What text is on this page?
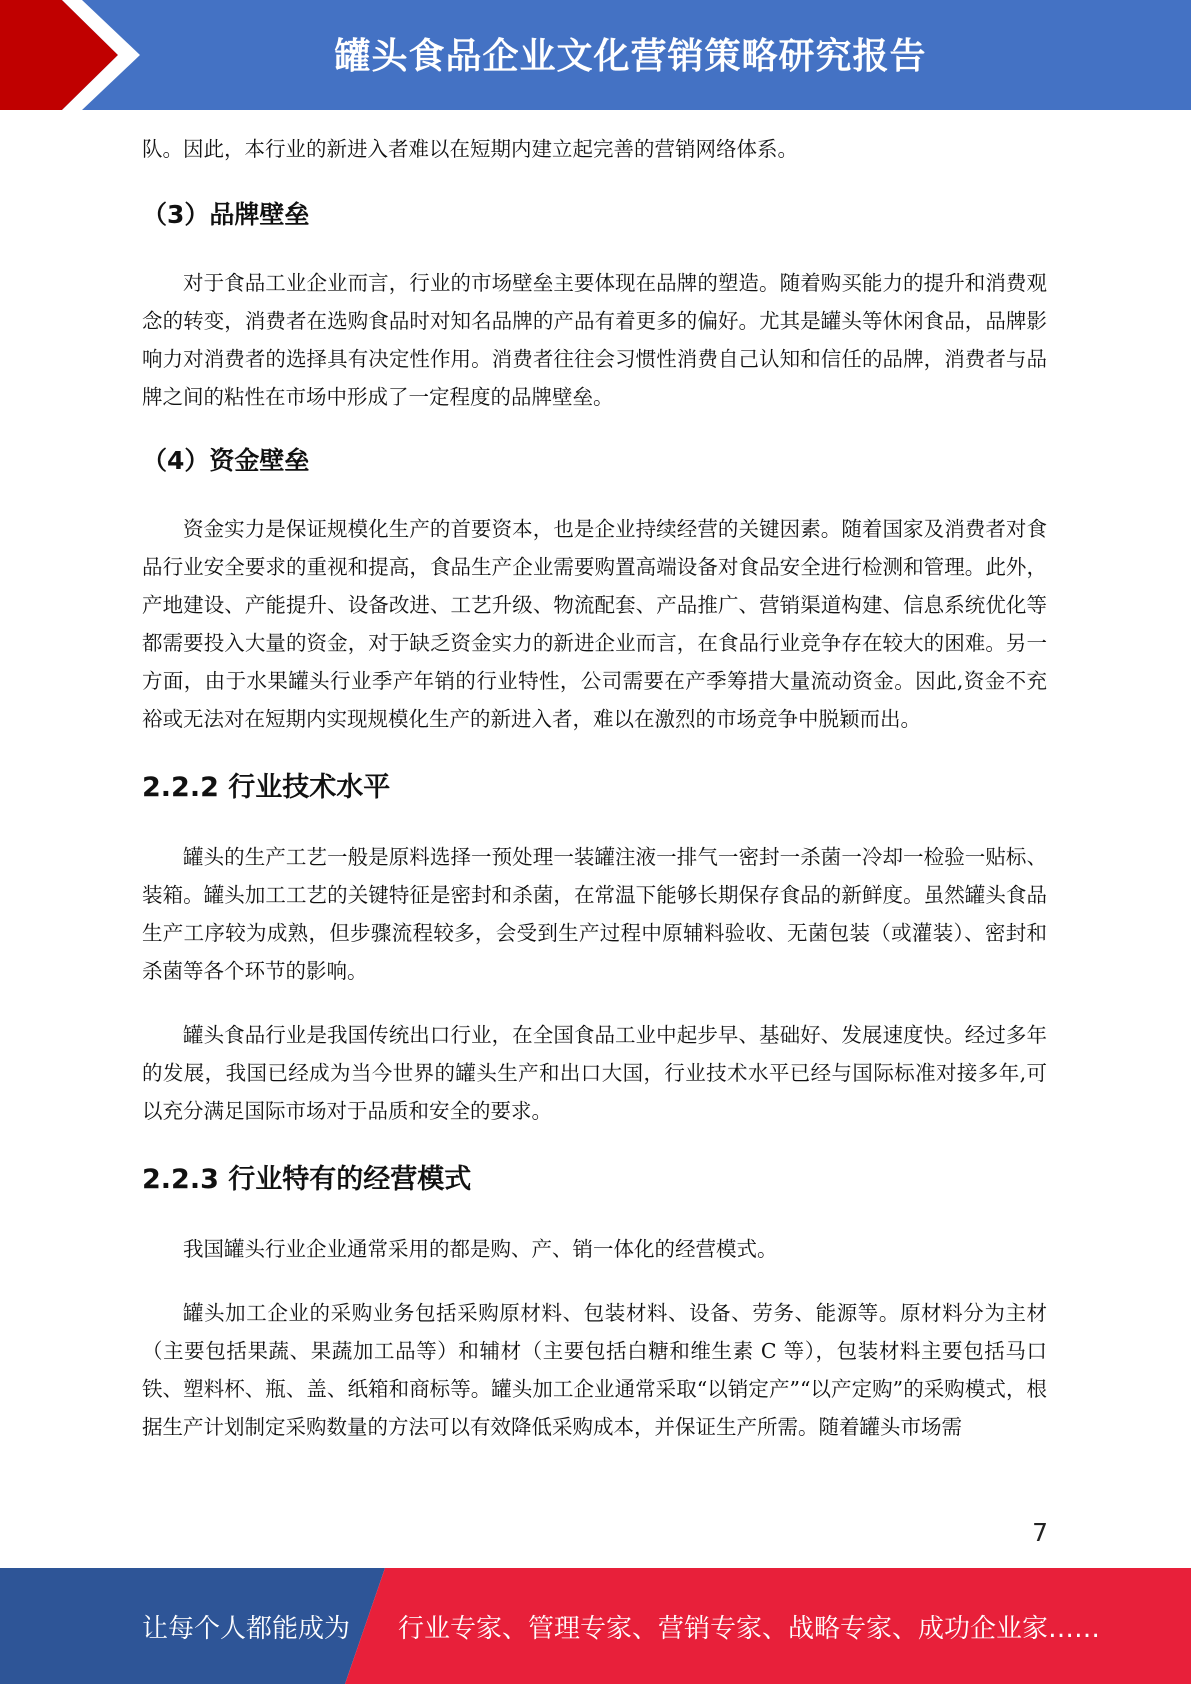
罐头食品企业文化营销策略研究报告

队。因此，本行业的新进入者难以在短期内建立起完善的营销网络体系。

（3）品牌壁垒

对于食品工业企业而言，行业的市场壁垒主要体现在品牌的塑造。随着购买能力的提升和消费观念的转变，消费者在选购食品时对知名品牌的产品有着更多的偏好。尤其是罐头等休闲食品，品牌影响力对消费者的选择具有决定性作用。消费者往往会习惯性消费自己认知和信任的品牌，消费者与品牌之间的粘性在市场中形成了一定程度的品牌壁垒。

（4）资金壁垒

资金实力是保证规模化生产的首要资本，也是企业持续经营的关键因素。随着国家及消费者对食品行业安全要求的重视和提高，食品生产企业需要购置高端设备对食品安全进行检测和管理。此外，产地建设、产能提升、设备改进、工艺升级、物流配套、产品推广、营销渠道构建、信息系统优化等都需要投入大量的资金，对于缺乏资金实力的新进企业而言，在食品行业竞争存在较大的困难。另一方面，由于水果罐头行业季产年销的行业特性，公司需要在产季筹措大量流动资金。因此,资金不充裕或无法对在短期内实现规模化生产的新进入者，难以在激烈的市场竞争中脱颖而出。

2.2.2 行业技术水平

罐头的生产工艺一般是原料选择一预处理一装罐注液一排气一密封一杀菌一冷却一检验一贴标、装箱。罐头加工工艺的关键特征是密封和杀菌，在常温下能够长期保存食品的新鲜度。虽然罐头食品生产工序较为成熟，但步骤流程较多，会受到生产过程中原辅料验收、无菌包装（或灌装）、密封和杀菌等各个环节的影响。

罐头食品行业是我国传统出口行业，在全国食品工业中起步早、基础好、发展速度快。经过多年的发展，我国已经成为当今世界的罐头生产和出口大国，行业技术水平已经与国际标准对接多年,可以充分满足国际市场对于品质和安全的要求。

2.2.3 行业特有的经营模式

我国罐头行业企业通常采用的都是购、产、销一体化的经营模式。

罐头加工企业的采购业务包括采购原材料、包装材料、设备、劳务、能源等。原材料分为主材（主要包括果蔬、果蔬加工品等）和辅材（主要包括白糖和维生素 C 等），包装材料主要包括马口铁、塑料杯、瓶、盖、纸箱和商标等。罐头加工企业通常采取“以销定产”“以产定购”的采购模式，根据生产计划制定采购数量的方法可以有效降低采购成本，并保证生产所需。随着罐头市场需

7
让每个人都能成为 行业专家、管理专家、营销专家、战略专家、成功企业家……
